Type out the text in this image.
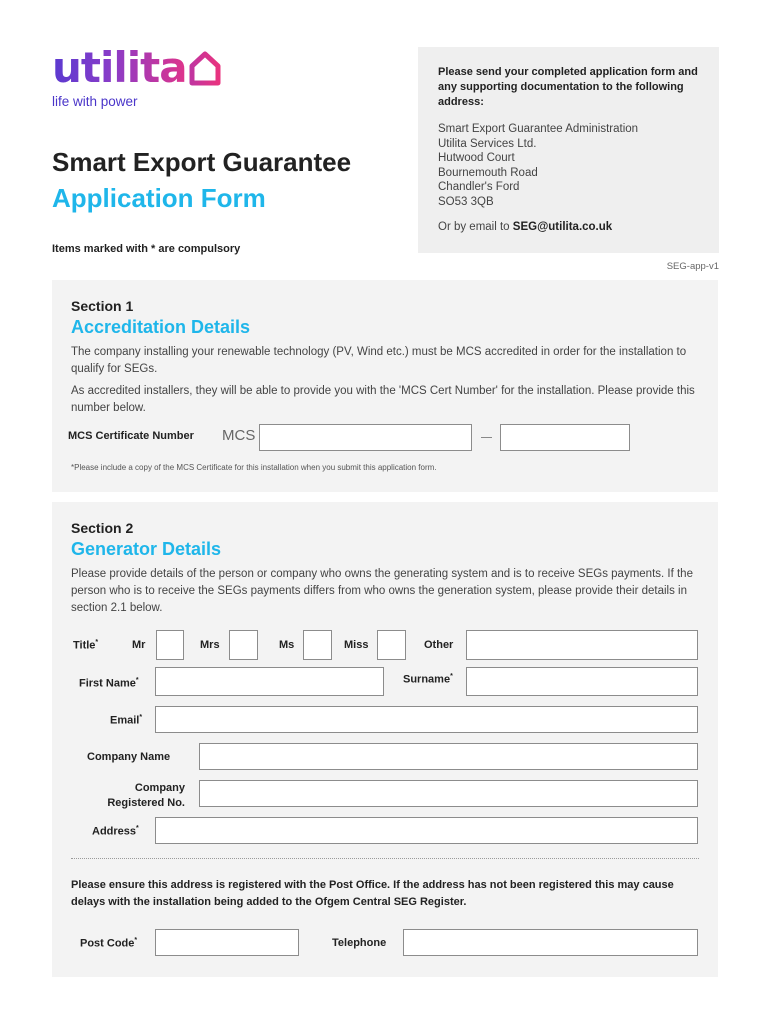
utilita
life with power
Smart Export Guarantee
Application Form
Items marked with * are compulsory
Please send your completed application form and any supporting documentation to the following address:
Smart Export Guarantee Administration
Utilita Services Ltd.
Hutwood Court
Bournemouth Road
Chandler's Ford
SO53 3QB
Or by email to SEG@utilita.co.uk
SEG-app-v1
Section 1
Accreditation Details
The company installing your renewable technology (PV, Wind etc.) must be MCS accredited in order for the installation to qualify for SEGs.
As accredited installers, they will be able to provide you with the 'MCS Cert Number' for the installation. Please provide this number below.
MCS Certificate Number MCS
*Please include a copy of the MCS Certificate for this installation when you submit this application form.
Section 2
Generator Details
Please provide details of the person or company who owns the generating system and is to receive SEGs payments. If the person who is to receive the SEGs payments differs from who owns the generation system, please provide their details in section 2.1 below.
Title*	Mr	Mrs	Ms	Miss	Other
First Name*	Surname*
Email*
Company Name
Company
Registered No.
Address*
Please ensure this address is registered with the Post Office. If the address has not been registered this may cause delays with the installation being added to the Ofgem Central SEG Register.
Post Code*	Telephone
